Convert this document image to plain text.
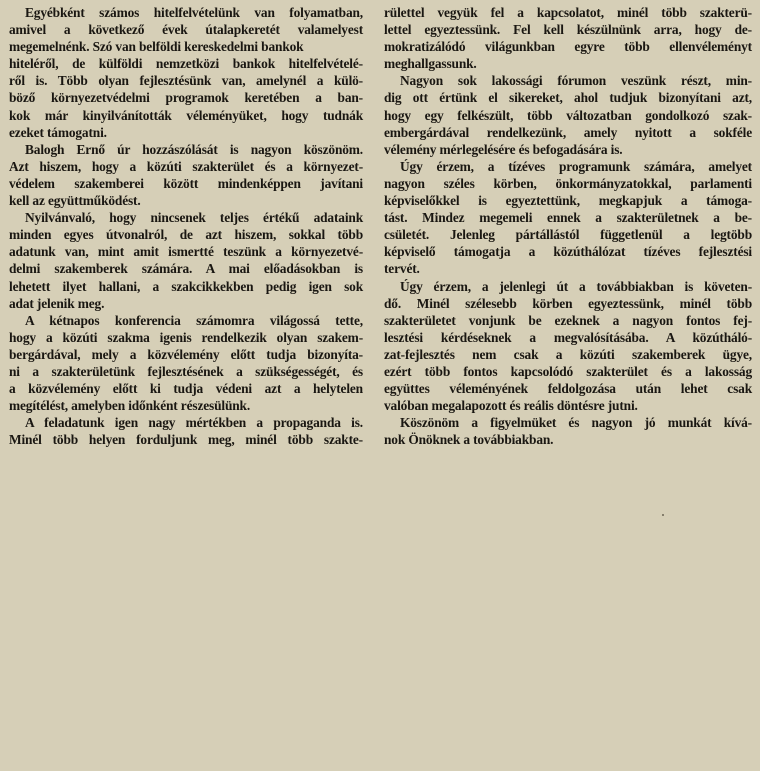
Egyébként számos hitelfelvételünk van folyamatban,
amivel a következő évek útalapkeretét valamelyest
megemelnénk. Szó van belföldi kereskedelmi bankok
hiteléről, de külföldi nemzetközi bankok hitelfelvételé-
ről is. Több olyan fejlesztésünk van, amelynél a külö-
böző környezetvédelmi programok keretében a ban-
kok már kinyilvánították véleményüket, hogy tudnák
ezeket támogatni.
Balogh Ernő úr hozzászólását is nagyon köszönöm.
Azt hiszem, hogy a közúti szakterület és a környezet-
védelem szakemberei között mindenképpen javítani
kell az együttműködést.
Nyilvánvaló, hogy nincsenek teljes értékű adataink
minden egyes útvonalról, de azt hiszem, sokkal több
adatunk van, mint amit ismertté teszünk a környezetvé-
delmi szakemberek számára. A mai előadásokban is
lehetett ilyet hallani, a szakcikkekben pedig igen sok
adat jelenik meg.
A kétnapos konferencia számomra világossá tette,
hogy a közúti szakma igenis rendelkezik olyan szakem-
bergárdával, mely a közvélemény előtt tudja bizonyíta-
ni a szakterületünk fejlesztésének a szükségességét, és
a közvélemény előtt ki tudja védeni azt a helytelen
megítélést, amelyben időnként részesülünk.
A feladatunk igen nagy mértékben a propaganda is.
Minél több helyen forduljunk meg, minél több szakte-
rülettel vegyük fel a kapcsolatot, minél több szakterü-
lettel egyeztessünk. Fel kell készülnünk arra, hogy de-
mokratizálódó világunkban egyre több ellenvéleményt
meghallgassunk.
Nagyon sok lakossági fórumon veszünk részt, min-
dig ott értünk el sikereket, ahol tudjuk bizonyítani azt,
hogy egy felkészült, több változatban gondolkozó szak-
embergárdával rendelkezünk, amely nyitott a sokféle
vélemény mérlegelésére és befogadására is.
Úgy érzem, a tízéves programunk számára, amelyet
nagyon széles körben, önkormányzatokkal, parlamenti
képviselőkkel is egyeztettünk, megkapjuk a támoga-
tást. Mindez megemeli ennek a szakterületnek a be-
csületét. Jelenleg pártállástól függetlenül a legtöbb
képviselő támogatja a közúthálózat tízéves fejlesztési
tervét.
Úgy érzem, a jelenlegi út a továbbiakban is követen-
dő. Minél szélesebb körben egyeztessünk, minél több
szakterületet vonjunk be ezeknek a nagyon fontos fej-
lesztési kérdéseknek a megvalósításába. A közútháló-
zat-fejlesztés nem csak a közúti szakemberek ügye,
ezért több fontos kapcsolódó szakterület és a lakosság
együttes véleményének feldolgozása után lehet csak
valóban megalapozott és reális döntésre jutni.
Köszönöm a figyelmüket és nagyon jó munkát kívá-
nok Önöknek a továbbiakban.
